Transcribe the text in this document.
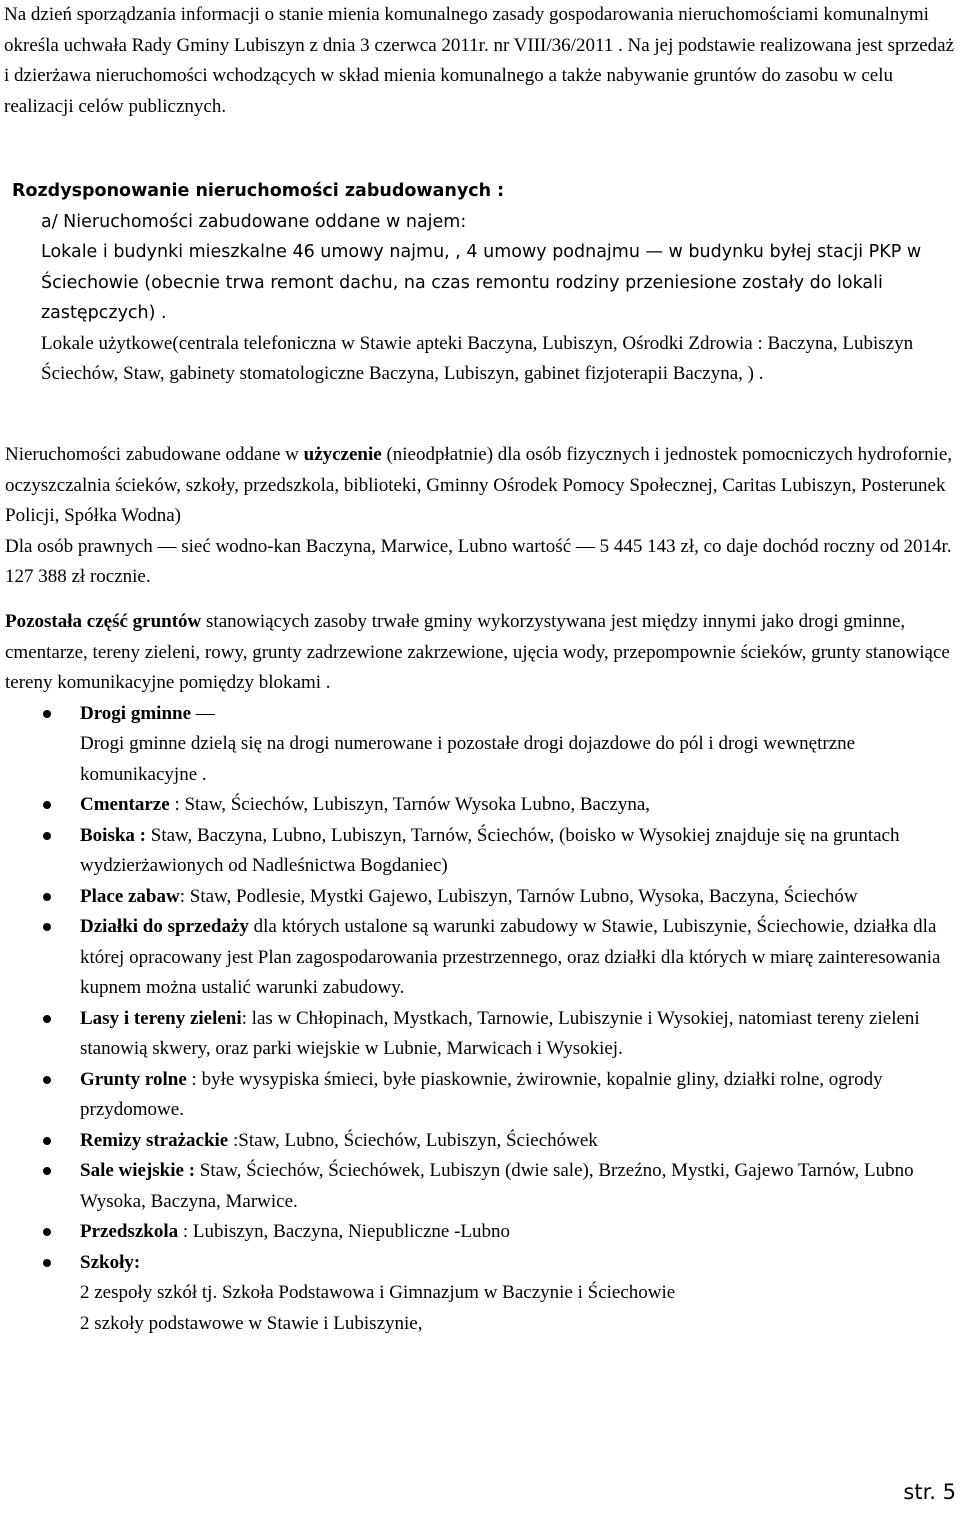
Na dzień sporządzania informacji o stanie mienia komunalnego zasady gospodarowania nieruchomościami komunalnymi określa uchwała Rady Gminy Lubiszyn z dnia 3 czerwca 2011r. nr VIII/36/2011 . Na jej podstawie realizowana jest sprzedaż i dzierżawa nieruchomości wchodzących w skład mienia komunalnego a także nabywanie gruntów do zasobu w celu realizacji celów publicznych.

Rozdysponowanie nieruchomości zabudowanych :

a/ Nieruchomości zabudowane oddane w najem:

Lokale i budynki mieszkalne 46 umowy najmu, , 4 umowy podnajmu — w budynku byłej stacji PKP w Ściechowie (obecnie trwa remont dachu, na czas remontu rodziny przeniesione zostały do lokali zastępczych) .

Lokale użytkowe(centrala telefoniczna w Stawie apteki Baczyna, Lubiszyn, Ośrodki Zdrowia : Baczyna, Lubiszyn Ściechów, Staw, gabinety stomatologiczne Baczyna, Lubiszyn, gabinet fizjoterapii Baczyna, ) .

Nieruchomości zabudowane oddane w użyczenie (nieodpłatnie) dla osób fizycznych i jednostek pomocniczych hydrofornie, oczyszczalnia ścieków, szkoły, przedszkola, biblioteki, Gminny Ośrodek Pomocy Społecznej, Caritas Lubiszyn, Posterunek Policji, Spółka Wodna)
Dla osób prawnych — sieć wodno-kan Baczyna, Marwice, Lubno wartość — 5 445 143 zł, co daje dochód roczny od 2014r. 127 388 zł rocznie.

Pozostała część gruntów stanowiących zasoby trwałe gminy wykorzystywana jest między innymi jako drogi gminne, cmentarze, tereny zieleni, rowy, grunty zadrzewione zakrzewione, ujęcia wody, przepompownie ścieków, grunty stanowiące tereny komunikacyjne pomiędzy blokami .

Drogi gminne —
Drogi gminne dzielą się na drogi numerowane i pozostałe drogi dojazdowe do pól i drogi wewnętrzne komunikacyjne .
Cmentarze : Staw, Ściechów, Lubiszyn, Tarnów Wysoka Lubno, Baczyna,
Boiska : Staw, Baczyna, Lubno, Lubiszyn, Tarnów, Ściechów, (boisko w Wysokiej znajduje się na gruntach wydzierżawionych od Nadleśnictwa Bogdaniec)
Place zabaw: Staw, Podlesie, Mystki Gajewo, Lubiszyn, Tarnów Lubno, Wysoka, Baczyna, Ściechów
Działki do sprzedaży dla których ustalone są warunki zabudowy w Stawie, Lubiszynie, Ściechowie, działka dla której opracowany jest Plan zagospodarowania przestrzennego, oraz działki dla których w miarę zainteresowania kupnem można ustalić warunki zabudowy.
Lasy i tereny zieleni: las w Chłopinach, Mystkach, Tarnowie, Lubiszynie i Wysokiej, natomiast tereny zieleni stanowią skwery, oraz parki wiejskie w Lubnie, Marwicach i Wysokiej.
Grunty rolne : byłe wysypiska śmieci, byłe piaskownie, żwirownie, kopalnie gliny, działki rolne, ogrody przydomowe.
Remizy strażackie :Staw, Lubno, Ściechów, Lubiszyn, Ściechówek
Sale wiejskie : Staw, Ściechów, Ściechówek, Lubiszyn (dwie sale), Brzeźno, Mystki, Gajewo Tarnów, Lubno Wysoka, Baczyna, Marwice.
Przedszkola : Lubiszyn, Baczyna, Niepubliczne -Lubno
Szkoły:
2 zespoły szkół tj. Szkoła Podstawowa i Gimnazjum w Baczynie i Ściechowie
2 szkoły podstawowe w Stawie i Lubiszynie,
str. 5
